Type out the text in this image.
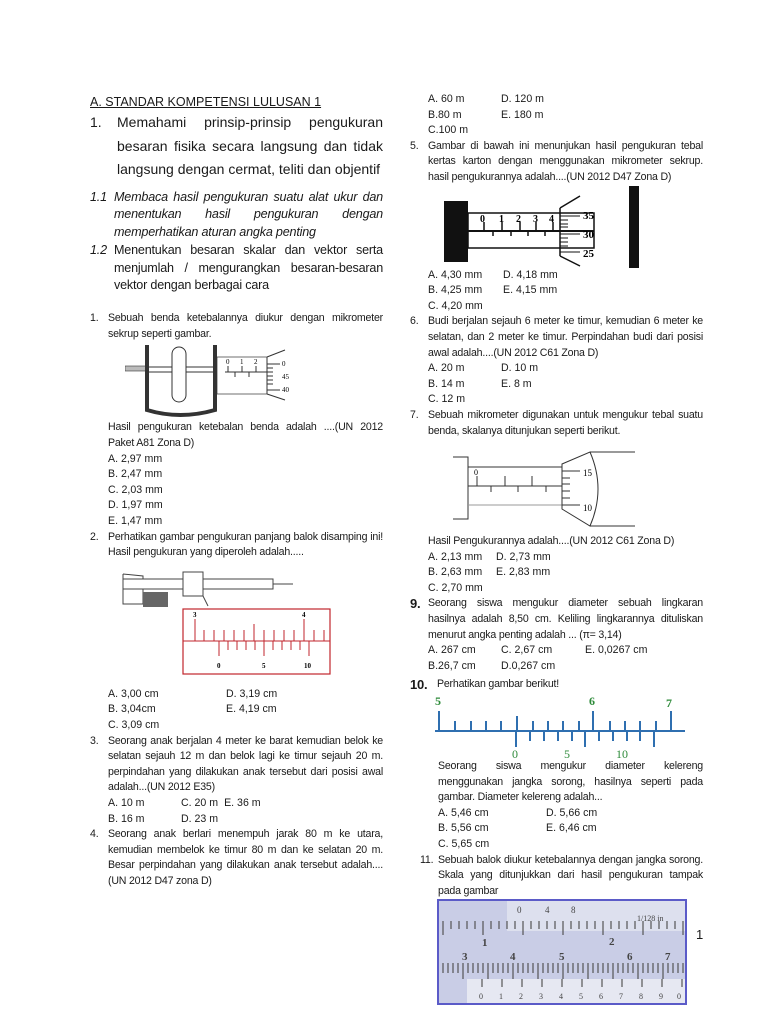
A. STANDAR KOMPETENSI LULUSAN 1
1. Memahami prinsip-prinsip pengukuran besaran fisika secara langsung dan tidak langsung dengan cermat, teliti dan objentif
1.1 Membaca hasil pengukuran suatu alat ukur dan menentukan hasil pengukuran dengan memperhatikan aturan angka penting
1.2 Menentukan besaran skalar dan vektor serta menjumlah / mengurangkan besaran-besaran vektor dengan berbagai cara
1. Sebuah benda ketebalannya diukur dengan mikrometer sekrup seperti gambar.
0 1 2	0
45
40
Hasil pengukuran ketebalan benda adalah ....(UN 2012 Paket A81 Zona D)
A. 2,97 mm
B. 2,47 mm
C. 2,03 mm
D. 1,97 mm
E. 1,47 mm
2. Perhatikan gambar pengukuran panjang balok disamping ini! Hasil pengukuran yang diperoleh adalah.....
3	4
0	5	10
A. 3,00 cm	D. 3,19 cm
B. 3,04cm	E. 4,19 cm
C. 3,09 cm
3. Seorang anak berjalan 4 meter ke barat kemudian belok ke selatan sejauh 12 m dan belok lagi ke timur sejauh 20 m. perpindahan yang dilakukan anak tersebut dari posisi awal adalah...(UN 2012 E35)
A. 10 m	C. 20 m E. 36 m
B. 16 m	D. 23 m
4. Seorang anak berlari menempuh jarak 80 m ke utara, kemudian membelok ke timur 80 m dan ke selatan 20 m. Besar perpindahan yang dilakukan anak tersebut adalah....(UN 2012 D47 zona D)
A. 60 m	D. 120 m
B.80 m	E. 180 m
C.100 m
5. Gambar di bawah ini menunjukan hasil pengukuran tebal kertas karton dengan menggunakan mikrometer sekrup. hasil pengukurannya adalah....(UN 2012 D47 Zona D)
0 1 2 3 4	35
30
25
A. 4,30 mm	D. 4,18 mm
B. 4,25 mm	E. 4,15 mm
C. 4,20 mm
6. Budi berjalan sejauh 6 meter ke timur, kemudian 6 meter ke selatan, dan 2 meter ke timur. Perpindahan budi dari posisi awal adalah....(UN 2012 C61 Zona D)
A. 20 m	D. 10 m
B. 14 m	E. 8 m
C. 12 m
7. Sebuah mikrometer digunakan untuk mengukur tebal suatu benda, skalanya ditunjukan seperti berikut.
0	15
10
Hasil Pengukurannya adalah....(UN 2012 C61 Zona D)
A. 2,13 mm	D. 2,73 mm
B. 2,63 mm	E. 2,83 mm
C. 2,70 mm
9. Seorang siswa mengukur diameter sebuah lingkaran hasilnya adalah 8,50 cm. Keliling lingkarannya dituliskan menurut angka penting adalah ... (π= 3,14)
A. 267 cm	C. 2,67 cm	E. 0,0267 cm
B.26,7 cm	D.0,267 cm
10. Perhatikan gambar berikut!
5	6	7
0	5	10
Seorang siswa mengukur diameter kelereng menggunakan jangka sorong, hasilnya seperti pada gambar. Diameter kelereng adalah...
A. 5,46 cm	D. 5,66 cm
B. 5,56 cm	E. 6,46 cm
C. 5,65 cm
11. Sebuah balok diukur ketebalannya dengan jangka sorong. Skala yang ditunjukkan dari hasil pengukuran tampak pada gambar
0	4 8
1/128 in
1	2
3	4	5	6	7
0 1 2 3 4 5 6 7 8 9 0
1
